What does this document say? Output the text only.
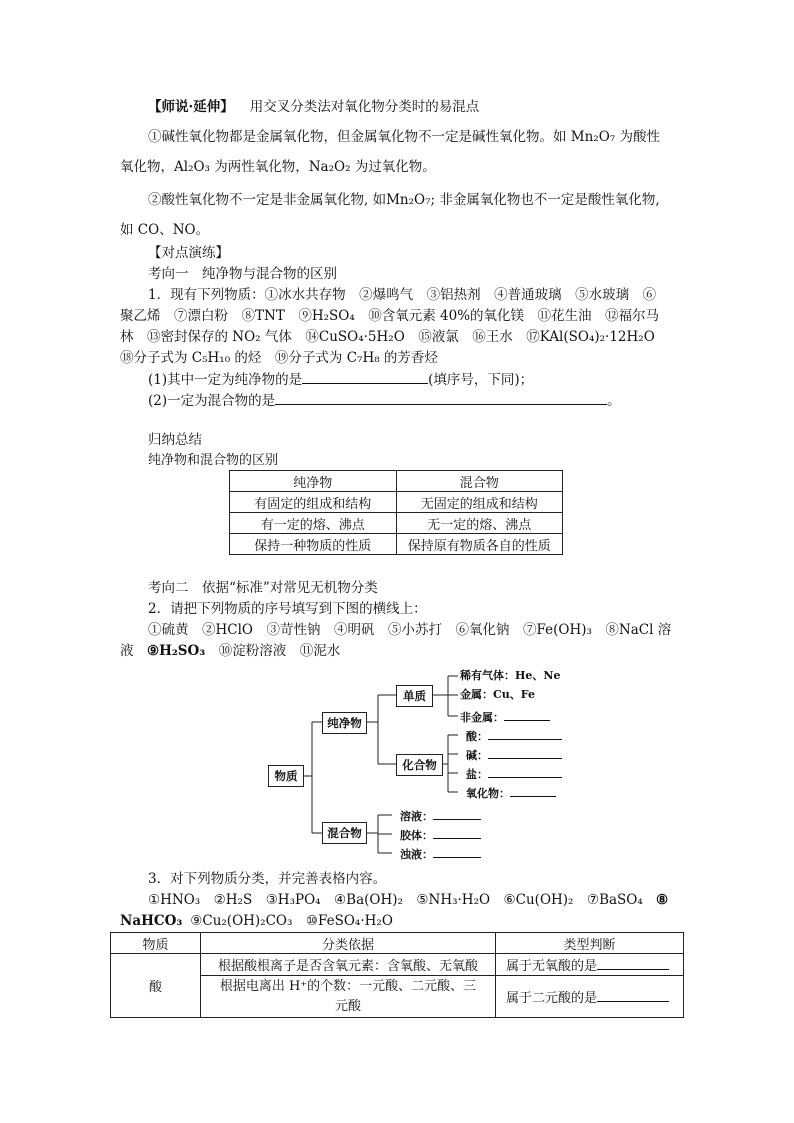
【师说·延伸】 用交叉分类法对氧化物分类时的易混点
①碱性氧化物都是金属氧化物，但金属氧化物不一定是碱性氧化物。如 Mn₂O₇ 为酸性
氧化物，Al₂O₃ 为两性氧化物，Na₂O₂ 为过氧化物。
②酸性氧化物不一定是非金属氧化物, 如Mn₂O₇; 非金属氧化物也不一定是酸性氧化物,
如 CO、NO。
【对点演练】
考向一　纯净物与混合物的区别
1．现有下列物质：①冰水共存物　②爆鸣气　③铝热剂　④普通玻璃　⑤水玻璃　⑥
聚乙烯　⑦漂白粉　⑧TNT　⑨H₂SO₄　⑩含氧元素 40%的氧化镁　⑪花生油　⑫福尔马
林　⑬密封保存的 NO₂ 气体　⑭CuSO₄·5H₂O　⑮液氯　⑯王水　⑰KAl(SO₄)₂·12H₂O
⑱分子式为 C₅H₁₀ 的烃　⑲分子式为 C₇H₈ 的芳香烃
(1)其中一定为纯净物的是	(填序号，下同)；
(2)一定为混合物的是	。
归纳总结
纯净物和混合物的区别
纯净物	混合物
有固定的组成和结构	无固定的组成和结构
有一定的熔、沸点	无一定的熔、沸点
保持一种物质的性质	保持原有物质各自的性质
考向二　依据“标准”对常见无机物分类
2．请把下列物质的序号填写到下图的横线上：
①硫黄　②HClO　③苛性钠　④明矾　⑤小苏打　⑥氧化钠　⑦Fe(OH)₃　⑧NaCl 溶
液　⑨H₂SO₃　⑩淀粉溶液　⑪泥水
物质
纯净物
混合物
单质
化合物
稀有气体：He、Ne
金属：Cu、Fe
非金属：
酸：
碱：
盐：
氧化物：
溶液：
胶体：
浊液：
3．对下列物质分类，并完善表格内容。
①HNO₃　②H₂S　③H₃PO₄　④Ba(OH)₂　⑤NH₃·H₂O　⑥Cu(OH)₂　⑦BaSO₄ ⑧
NaHCO₃ ⑨Cu₂(OH)₂CO₃　⑩FeSO₄·H₂O
物质	分类依据	类型判断
酸	根据酸根离子是否含氧元素：含氧酸、无氧酸	属于无氧酸的是
	根据电离出 H⁺的个数：一元酸、二元酸、三
元酸	属于二元酸的是
